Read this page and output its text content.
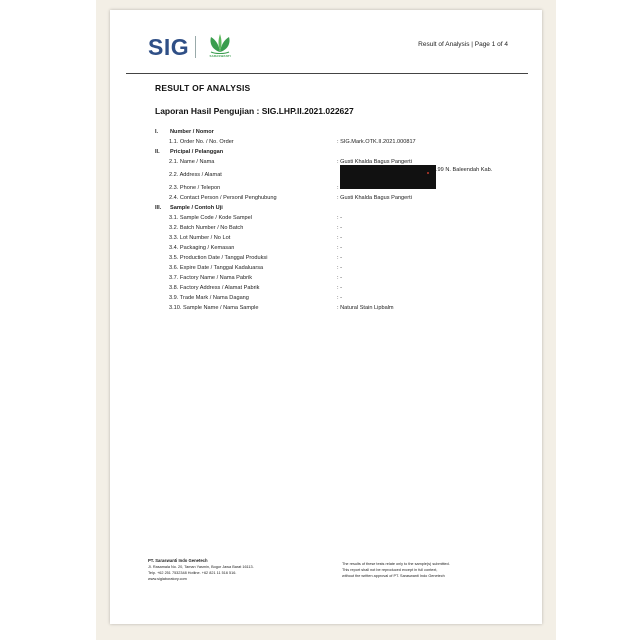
SIG	SARASWANTI
Result of Analysis | Page 1 of 4
RESULT OF ANALYSIS
Laporan Hasil Pengujian : SIG.LHP.II.2021.022627
I. Number / Nomor
1.1. Order No. / No. Order	: SIG.Mark.OTK.II.2021.000817
II. Pricipal / Pelanggan
2.1. Name / Nama	: Gusti Khalda Bagus Pangerti
2.2. Address / Alamat
.99 N. Baleendah Kab.
2.3. Phone / Telepon	:
2.4. Contact Person / Personil Penghubung	: Gusti Khalda Bagus Pangerti
III. Sample / Contoh Uji
3.1. Sample Code / Kode Sampel	: -
3.2. Batch Number / No Batch	: -
3.3. Lot Number / No Lot	: -
3.4. Packaging / Kemasan	: -
3.5. Production Date / Tanggal Produksi	: -
3.6. Expire Date / Tanggal Kadaluarsa	: -
3.7. Factory Name / Nama Pabrik	: -
3.8. Factory Address / Alamat Pabrik	: -
3.9. Trade Mark / Nama Dagang	: -
3.10. Sample Name / Nama Sample	: Natural Stain Lipbalm
PT. Saraswanti Indo Genetech
Jl. Rasamala No. 20, Taman Yasmin, Bogor Jawa Barat 16113.
Telp. +62 251 7532348 Hotline. +62 821 11 516 516.
www.siglaboratory.com
The results of these tests relate only to the sample(s) submitted.
This report shall not be reproduced except in full context,
without the written approval of PT. Saraswanti Indo Genetech
